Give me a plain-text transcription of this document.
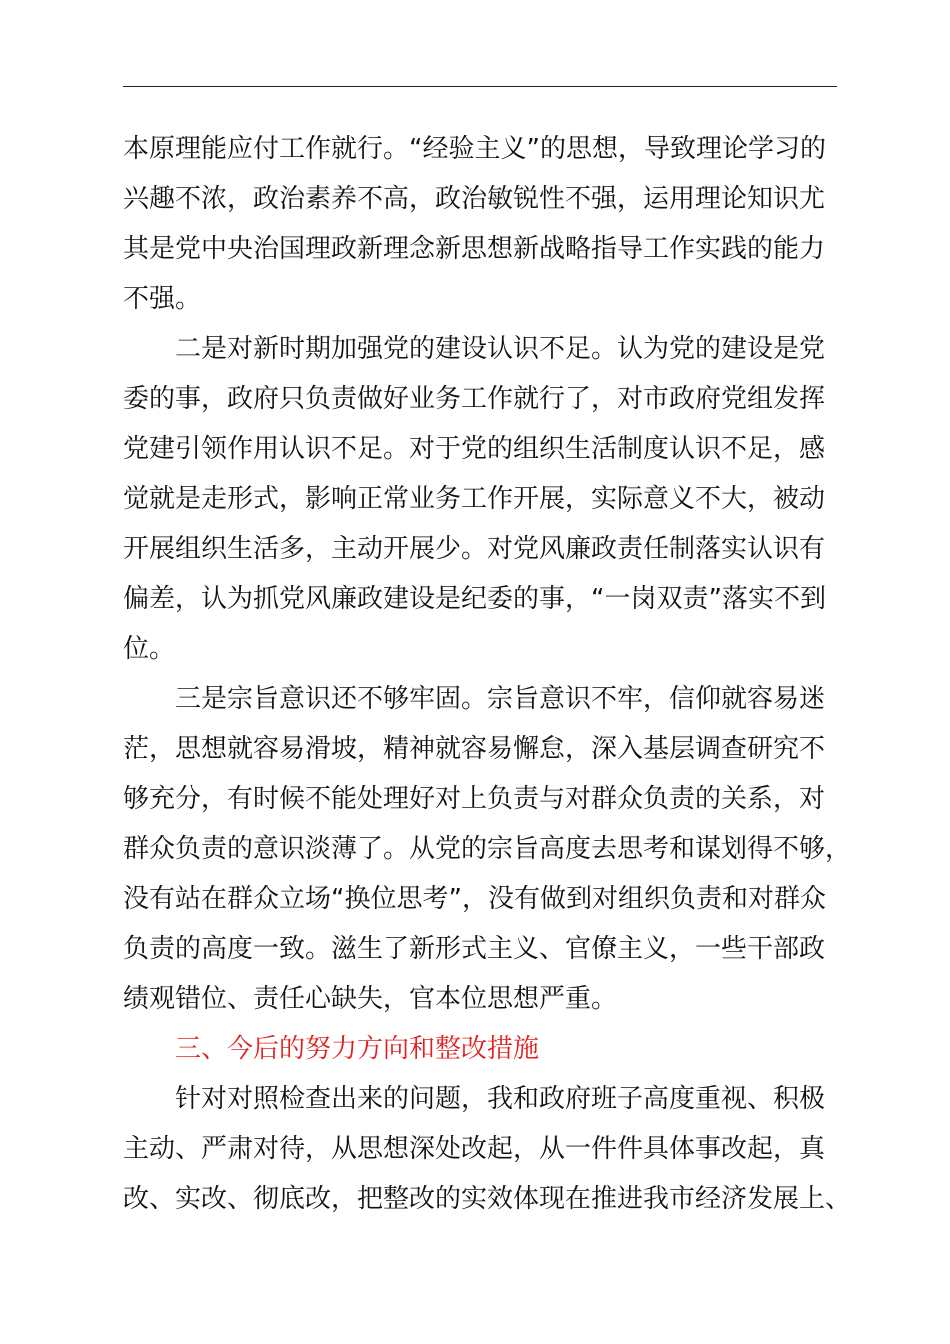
本原理能应付工作就行。“经验主义”的思想，导致理论学习的
兴趣不浓，政治素养不高，政治敏锐性不强，运用理论知识尤
其是党中央治国理政新理念新思想新战略指导工作实践的能力
不强。
二是对新时期加强党的建设认识不足。认为党的建设是党
委的事，政府只负责做好业务工作就行了，对市政府党组发挥
党建引领作用认识不足。对于党的组织生活制度认识不足，感
觉就是走形式，影响正常业务工作开展，实际意义不大，被动
开展组织生活多，主动开展少。对党风廉政责任制落实认识有
偏差，认为抓党风廉政建设是纪委的事，“一岗双责”落实不到
位。
三是宗旨意识还不够牢固。宗旨意识不牢，信仰就容易迷
茫，思想就容易滑坡，精神就容易懈怠，深入基层调查研究不
够充分，有时候不能处理好对上负责与对群众负责的关系，对
群众负责的意识淡薄了。从党的宗旨高度去思考和谋划得不够，
没有站在群众立场“换位思考”，没有做到对组织负责和对群众
负责的高度一致。滋生了新形式主义、官僚主义，一些干部政
绩观错位、责任心缺失，官本位思想严重。
三、今后的努力方向和整改措施
针对对照检查出来的问题，我和政府班子高度重视、积极
主动、严肃对待，从思想深处改起，从一件件具体事改起，真
改、实改、彻底改，把整改的实效体现在推进我市经济发展上、
